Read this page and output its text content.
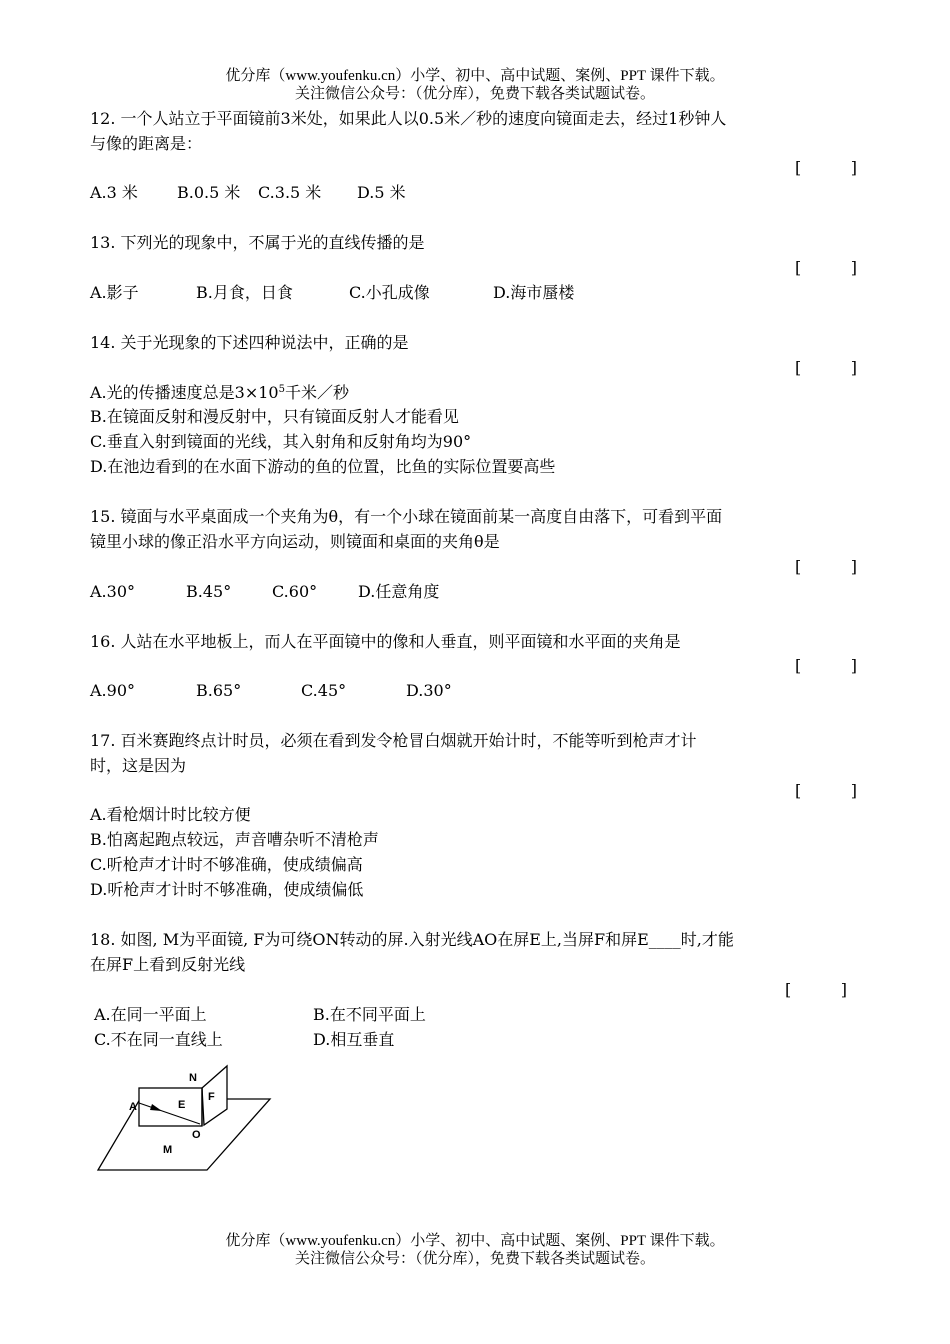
优分库（www.youfenku.cn）小学、初中、高中试题、案例、PPT 课件下载。
关注微信公众号：（优分库），免费下载各类试题试卷。
12. 一个人站立于平面镜前3米处，如果此人以0.5米／秒的速度向镜面走去，经过1秒钟人
与像的距离是：
[	]
A.3 米 B.0.5 米 C.3.5 米 D.5 米
13. 下列光的现象中，不属于光的直线传播的是
[	]
A.影子	B.月食，日食	C.小孔成像	D.海市蜃楼
14. 关于光现象的下述四种说法中，正确的是
[	]
A.光的传播速度总是$3\times 10^5$千米／秒
B.在镜面反射和漫反射中，只有镜面反射人才能看见
C.垂直入射到镜面的光线，其入射角和反射角均为90°
D.在池边看到的在水面下游动的鱼的位置，比鱼的实际位置要高些
15. 镜面与水平桌面成一个夹角为θ，有一个小球在镜面前某一高度自由落下，可看到平面
镜里小球的像正沿水平方向运动，则镜面和桌面的夹角θ是
[	]
A.30°	B.45°	C.60°	D.任意角度
16. 人站在水平地板上，而人在平面镜中的像和人垂直，则平面镜和水平面的夹角是
[	]
A.90°	B.65°	C.45°	D.30°
17. 百米赛跑终点计时员，必须在看到发令枪冒白烟就开始计时，不能等听到枪声才计
时，这是因为
[	]
A.看枪烟计时比较方便
B.怕离起跑点较远，声音嘈杂听不清枪声
C.听枪声才计时不够准确，使成绩偏高
D.听枪声才计时不够准确，使成绩偏低
18. 如图, M为平面镜, F为可绕ON转动的屏.入射光线AO在屏E上,当屏F和屏E____时,才能
在屏F上看到反射光线
[	]
A.在同一平面上	B.在不同平面上
C.不在同一直线上	D.相互垂直
N
F
A	E
O
M
优分库（www.youfenku.cn）小学、初中、高中试题、案例、PPT 课件下载。
关注微信公众号：（优分库），免费下载各类试题试卷。
